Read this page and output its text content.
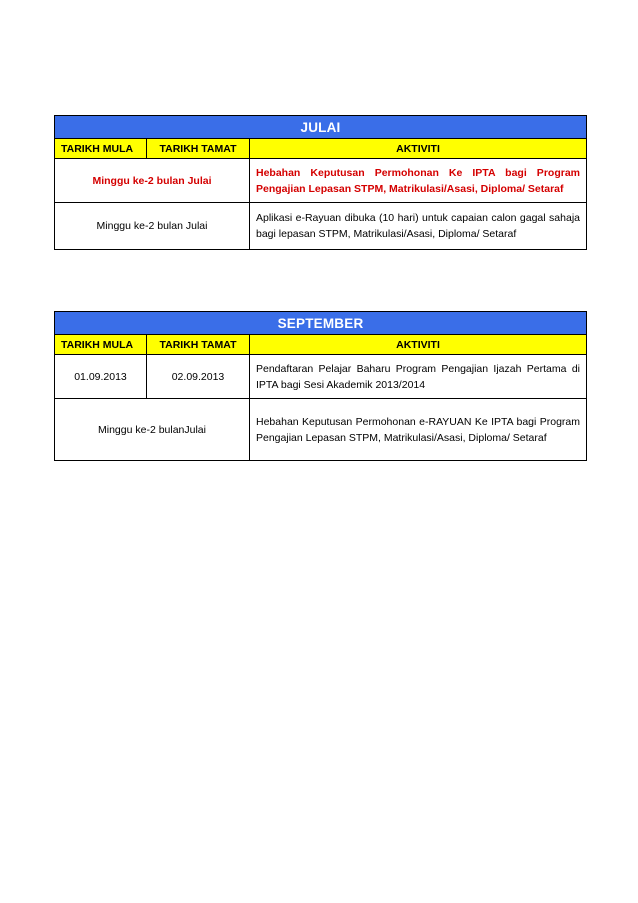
JULAI		
TARIKH MULA	TARIKH TAMAT	AKTIVITI
Minggu ke-2 bulan Julai		Hebahan Keputusan Permohonan Ke IPTA bagi Program Pengajian Lepasan STPM, Matrikulasi/Asasi, Diploma/ Setaraf
Minggu ke-2 bulan Julai		Aplikasi e-Rayuan dibuka (10 hari) untuk capaian calon gagal sahaja bagi lepasan STPM, Matrikulasi/Asasi, Diploma/ Setaraf
SEPTEMBER		
TARIKH MULA	TARIKH TAMAT	AKTIVITI
01.09.2013	02.09.2013	Pendaftaran Pelajar Baharu Program Pengajian Ijazah Pertama di IPTA bagi Sesi Akademik 2013/2014
Minggu ke-2 bulanJulai		Hebahan Keputusan Permohonan e-RAYUAN Ke IPTA bagi Program Pengajian Lepasan STPM, Matrikulasi/Asasi, Diploma/ Setaraf
